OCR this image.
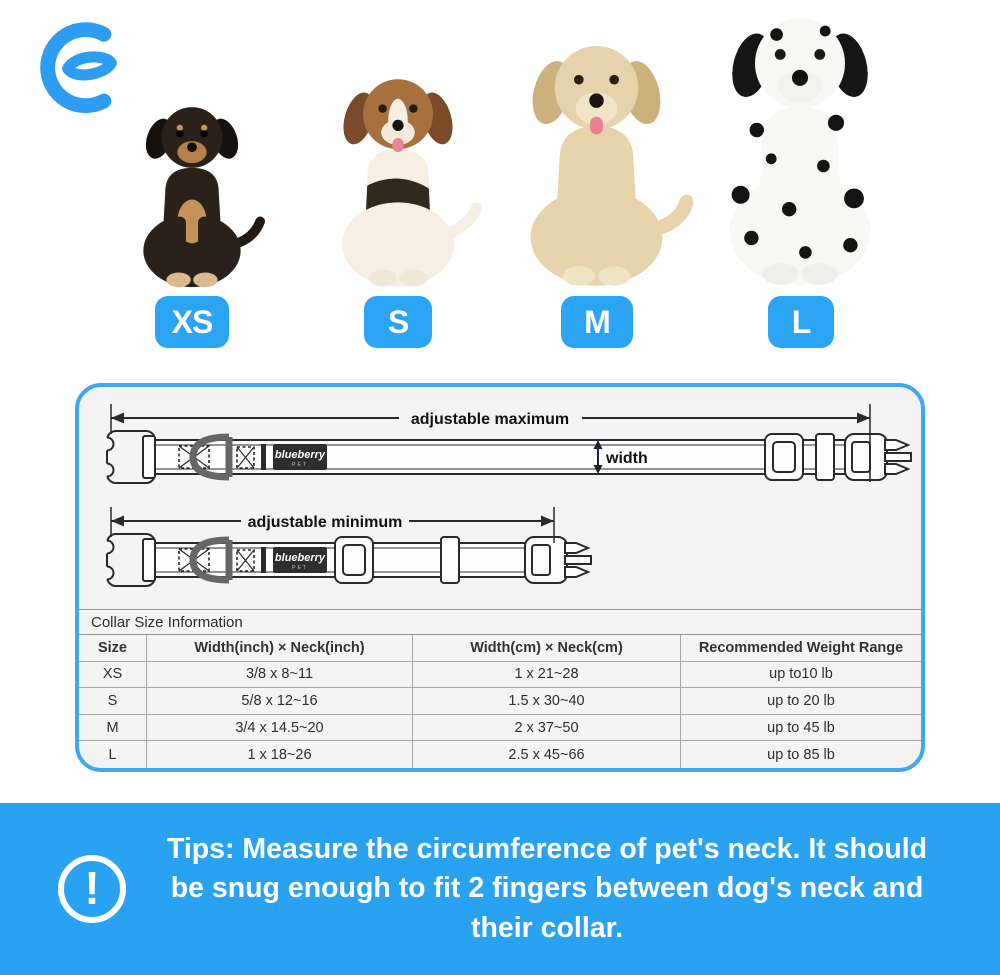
XS	S	M	L
blueberry
PET	width
adjustable maximum
blueberry
PET
adjustable minimum
Collar Size Information
Size	Width(inch) × Neck(inch)	Width(cm) × Neck(cm)	Recommended Weight Range
XS	3/8 x 8~11	1 x 21~28	up to10 lb
S	5/8 x 12~16	1.5 x 30~40	up to 20 lb
M	3/4 x 14.5~20	2 x 37~50	up to 45 lb
L	1 x 18~26	2.5 x 45~66	up to 85 lb
!
Tips: Measure the circumference of pet's neck. It should be snug enough to fit 2 fingers between dog's neck and their collar.
